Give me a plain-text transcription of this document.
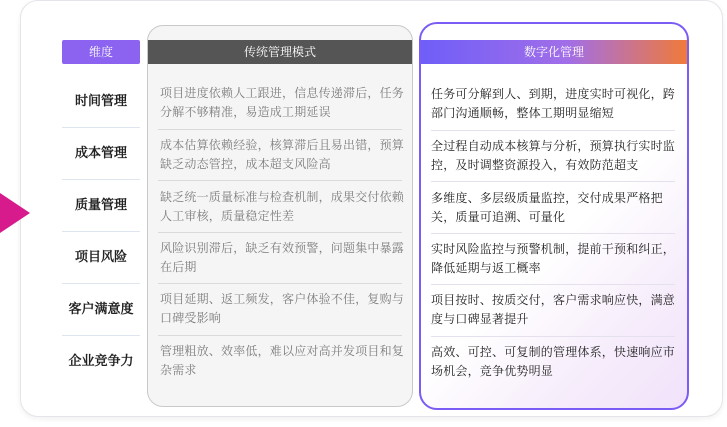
维度
时间管理
成本管理
质量管理
项目风险
客户满意度
企业竞争力
传统管理模式
项目进度依赖人工跟进，信息传递滞后，任务分解不够精准，易造成工期延误
成本估算依赖经验，核算滞后且易出错，预算缺乏动态管控，成本超支风险高
缺乏统一质量标准与检查机制，成果交付依赖人工审核，质量稳定性差
风险识别滞后，缺乏有效预警，问题集中暴露在后期
项目延期、返工频发，客户体验不佳，复购与口碑受影响
管理粗放、效率低，难以应对高并发项目和复杂需求
数字化管理
任务可分解到人、到期，进度实时可视化，跨部门沟通顺畅，整体工期明显缩短
全过程自动成本核算与分析，预算执行实时监控，及时调整资源投入，有效防范超支
多维度、多层级质量监控，交付成果严格把关，质量可追溯、可量化
实时风险监控与预警机制，提前干预和纠正，降低延期与返工概率
项目按时、按质交付，客户需求响应快，满意度与口碑显著提升
高效、可控、可复制的管理体系，快速响应市场机会，竞争优势明显
